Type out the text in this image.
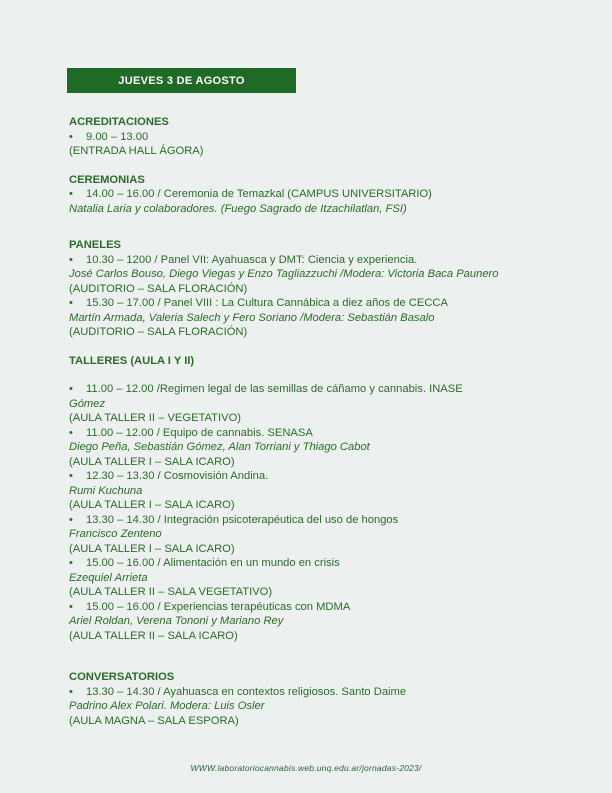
JUEVES 3 DE AGOSTO
ACREDITACIONES
• 9.00 – 13.00
(ENTRADA HALL ÁGORA)
CEREMONIAS
• 14.00 – 16.00 / Ceremonia de Temazkal (CAMPUS UNIVERSITARIO)
Natalia Laria y colaboradores. (Fuego Sagrado de Itzachilatlan, FSI)
PANELES
• 10.30 – 1200 / Panel VII: Ayahuasca y DMT: Ciencia y experiencia.
José Carlos Bouso, Diego Viegas y Enzo Tagliazzuchi /Modera: Victoria Baca Paunero
(AUDITORIO – SALA FLORACIÓN)
• 15.30 – 17.00 / Panel VIII : La Cultura Cannábica a diez años de CECCA
Martín Armada, Valeria Salech y Fero Soriano /Modera: Sebastián Basalo
(AUDITORIO – SALA FLORACIÓN)
TALLERES (AULA I Y II)
• 11.00 – 12.00 /Regimen legal de las semillas de cáñamo y cannabis. INASE
Gómez
(AULA TALLER II – VEGETATIVO)
• 11.00 – 12.00 / Equipo de cannabis. SENASA
Diego Peña, Sebastián Gómez, Alan Torriani y Thiago Cabot
(AULA TALLER I – SALA ICARO)
• 12.30 – 13.30 / Cosmovisión Andina.
Rumi Kuchuna
(AULA TALLER I – SALA ICARO)
• 13.30 – 14.30 / Integración psicoterapéutica del uso de hongos
Francisco Zenteno
(AULA TALLER I – SALA ICARO)
• 15.00 – 16.00 / Alimentación en un mundo en crisis
Ezequiel Arrieta
(AULA TALLER II – SALA VEGETATIVO)
• 15.00 – 16.00 / Experiencias terapéuticas con MDMA
Ariel Roldan, Verena Tononi y Mariano Rey
(AULA TALLER II – SALA ICARO)
CONVERSATORIOS
• 13.30 – 14.30 / Ayahuasca en contextos religiosos. Santo Daime
Padrino Alex Polari. Modera: Luis Osler
(AULA MAGNA – SALA ESPORA)
WWW.laboratoriocannabis.web.unq.edu.ar/jornadas-2023/
